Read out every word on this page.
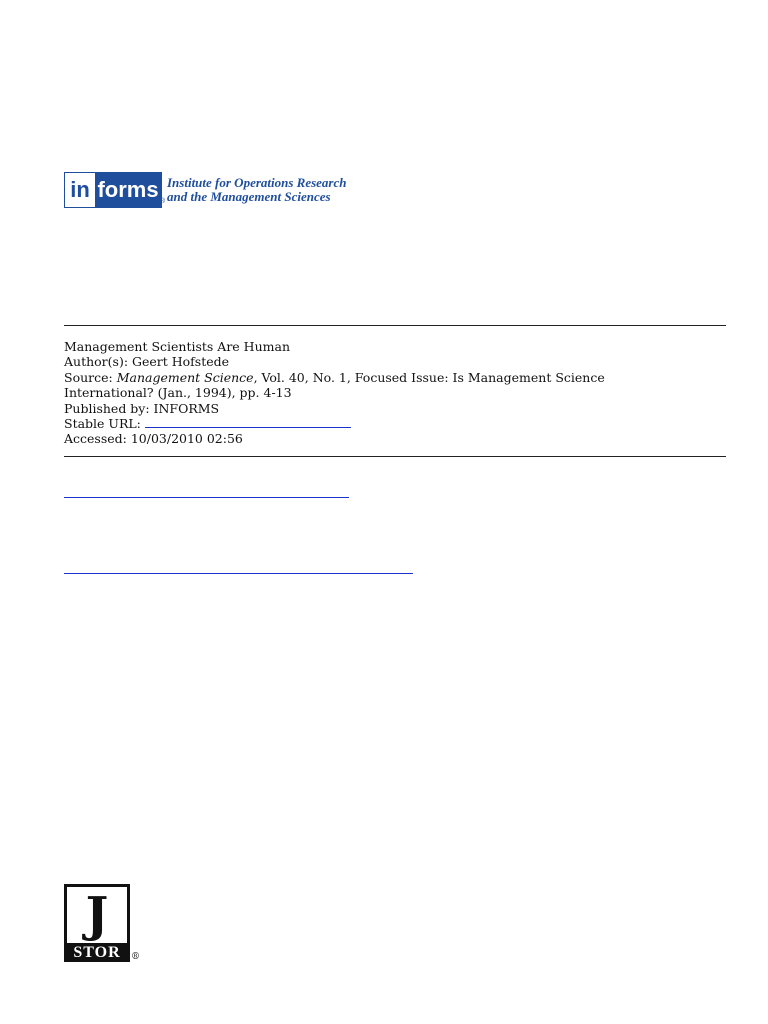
in forms ®
Institute for Operations Research
and the Management Sciences
Management Scientists Are Human
Author(s): Geert Hofstede
Source: Management Science, Vol. 40, No. 1, Focused Issue: Is Management Science
International? (Jan., 1994), pp. 4-13
Published by: INFORMS
Stable URL:
Accessed: 10/03/2010 02:56
J
STOR	®
